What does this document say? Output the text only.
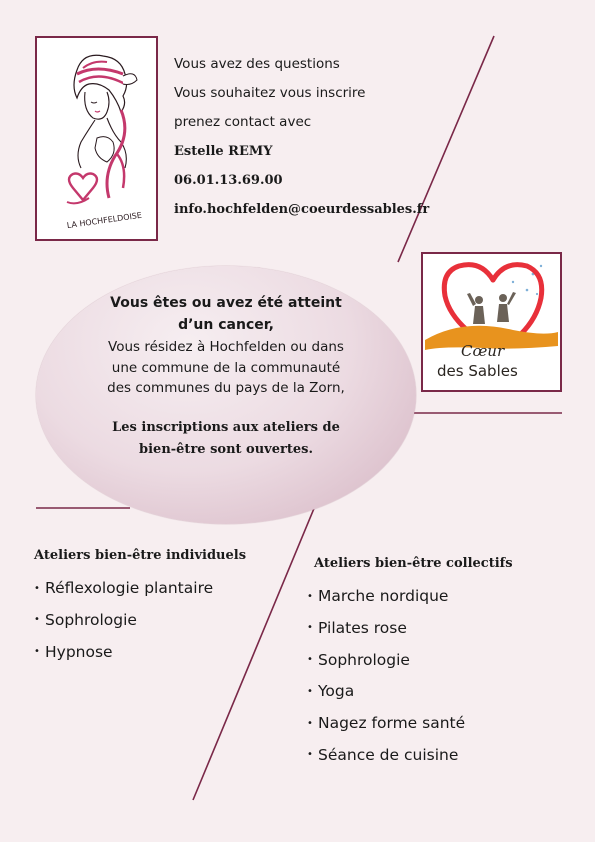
LA HOCHFELDOISE
Vous avez des questions
Vous souhaitez vous inscrire
prenez contact avec
Estelle REMY
06.01.13.69.00
info.hochfelden@coeurdessables.fr
Cœur
des Sables
Vous êtes ou avez été atteint
d’un cancer,
Vous résidez à Hochfelden ou dans
une commune de la communauté
des communes du pays de la Zorn,
Les inscriptions aux ateliers de
bien-être sont ouvertes.
Ateliers bien-être individuels
• Réflexologie plantaire
• Sophrologie
• Hypnose
Ateliers bien-être collectifs
• Marche nordique
• Pilates rose
• Sophrologie
• Yoga
• Nagez forme santé
• Séance de cuisine
